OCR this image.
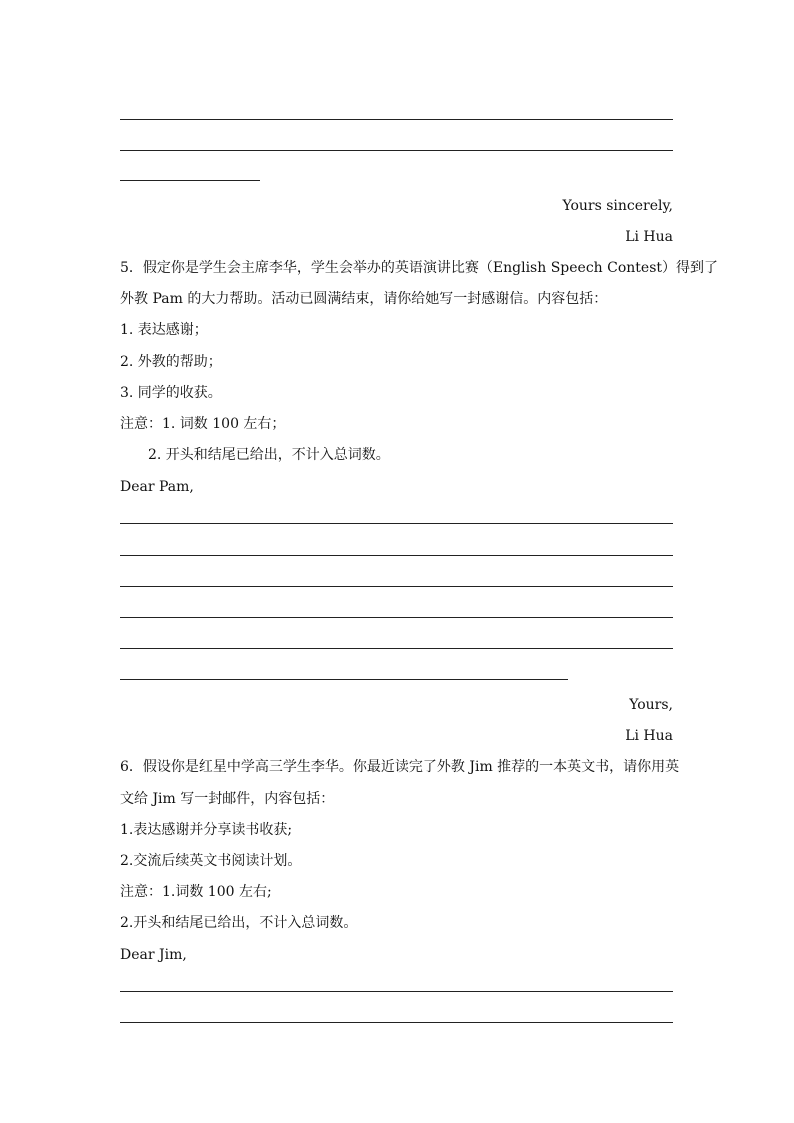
Yours sincerely,
Li Hua
5．假定你是学生会主席李华，学生会举办的英语演讲比赛（English Speech Contest）得到了
外教 Pam 的大力帮助。活动已圆满结束，请你给她写一封感谢信。内容包括：
1. 表达感谢；
2. 外教的帮助；
3. 同学的收获。
注意：1. 词数 100 左右；
2. 开头和结尾已给出，不计入总词数。
Dear Pam,
Yours,
Li Hua
6．假设你是红星中学高三学生李华。你最近读完了外教 Jim 推荐的一本英文书，请你用英
文给 Jim 写一封邮件，内容包括：
1.表达感谢并分享读书收获;
2.交流后续英文书阅读计划。
注意：1.词数 100 左右;
2.开头和结尾已给出，不计入总词数。
Dear Jim,
